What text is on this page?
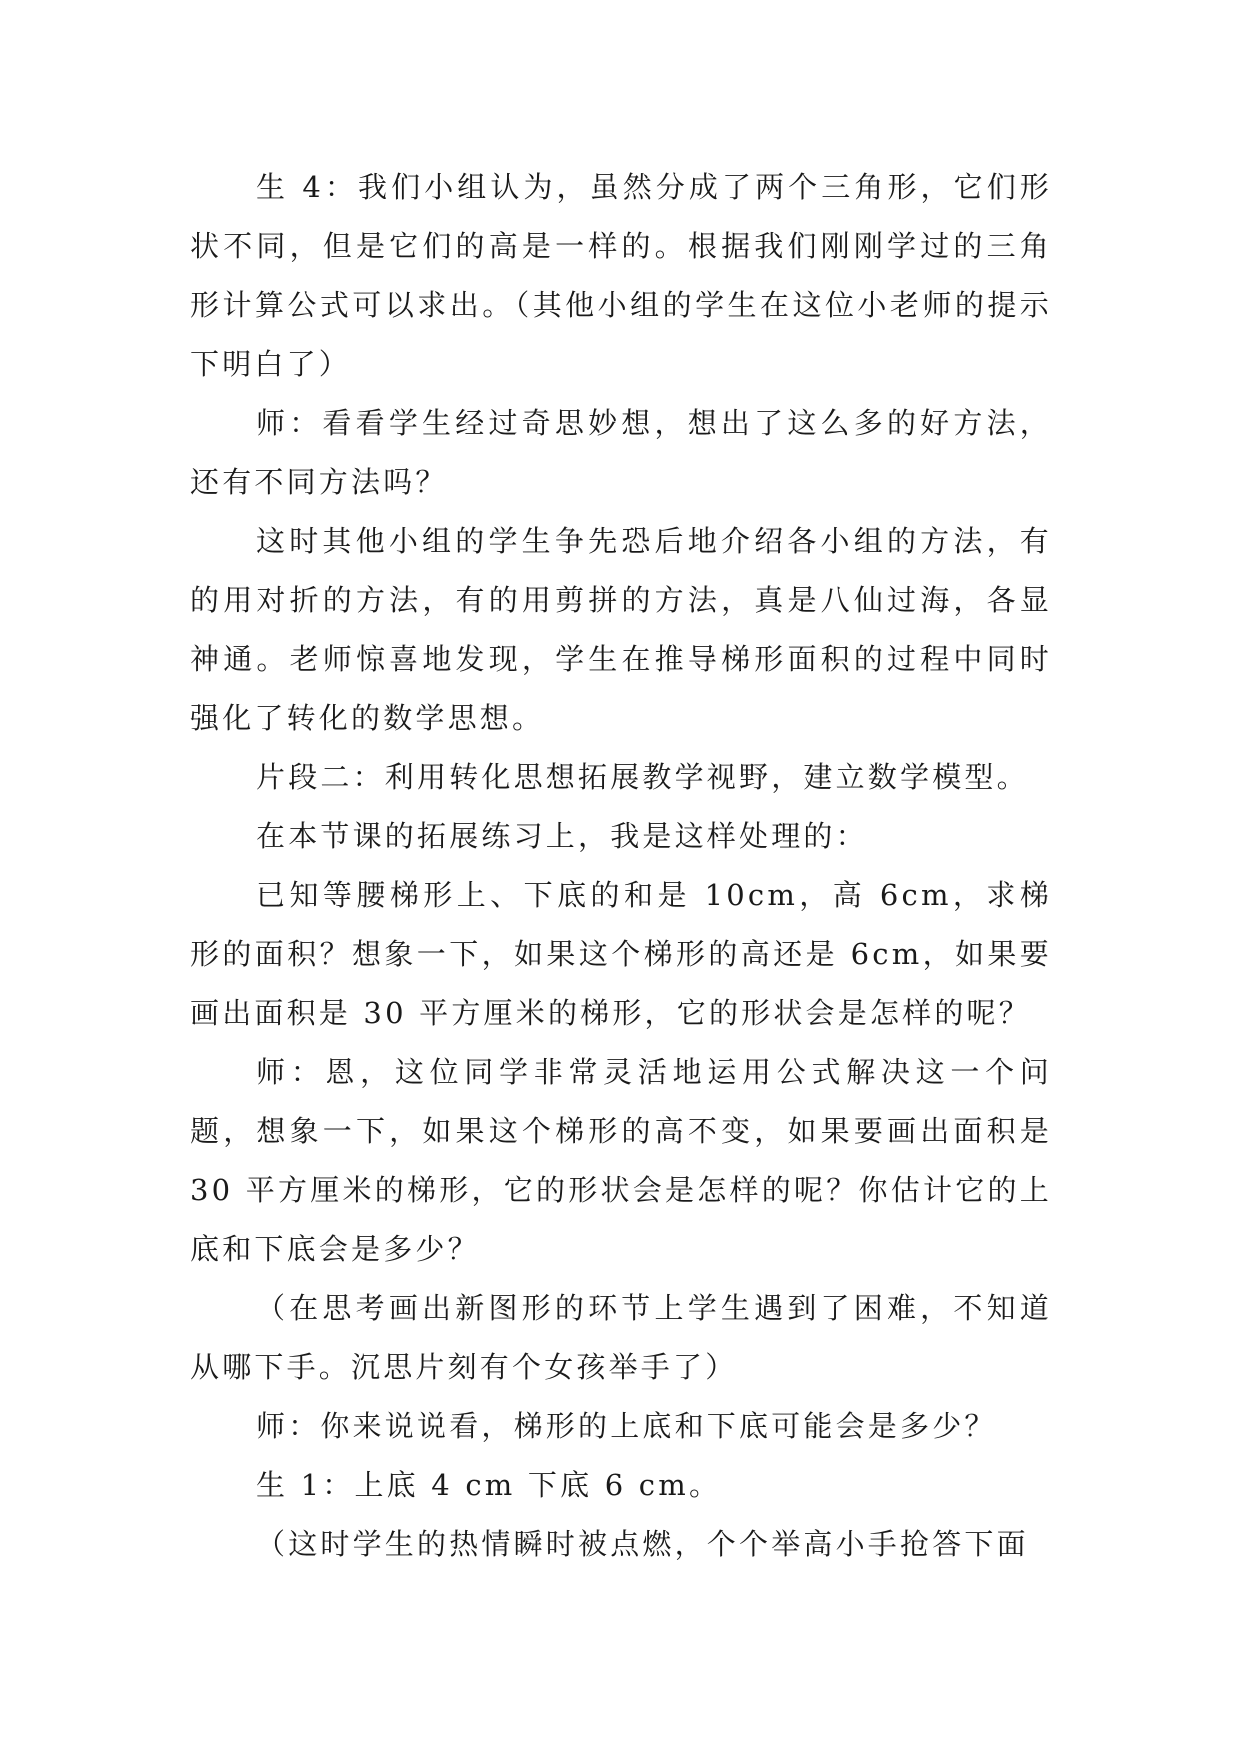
生 4：我们小组认为，虽然分成了两个三角形，它们形状不同，但是它们的高是一样的。根据我们刚刚学过的三角形计算公式可以求出。（其他小组的学生在这位小老师的提示下明白了）

师：看看学生经过奇思妙想，想出了这么多的好方法，还有不同方法吗？

这时其他小组的学生争先恐后地介绍各小组的方法，有的用对折的方法，有的用剪拼的方法，真是八仙过海，各显神通。老师惊喜地发现，学生在推导梯形面积的过程中同时强化了转化的数学思想。

片段二：利用转化思想拓展教学视野，建立数学模型。

在本节课的拓展练习上，我是这样处理的：

已知等腰梯形上、下底的和是 10cm，高 6cm，求梯形的面积？想象一下，如果这个梯形的高还是 6cm，如果要画出面积是 30 平方厘米的梯形，它的形状会是怎样的呢？

师：恩，这位同学非常灵活地运用公式解决这一个问题，想象一下，如果这个梯形的高不变，如果要画出面积是 30 平方厘米的梯形，它的形状会是怎样的呢？你估计它的上底和下底会是多少？

（在思考画出新图形的环节上学生遇到了困难，不知道从哪下手。沉思片刻有个女孩举手了）

师：你来说说看，梯形的上底和下底可能会是多少？

生 1：上底 4 cm 下底 6 cm。

（这时学生的热情瞬时被点燃，个个举高小手抢答下面
